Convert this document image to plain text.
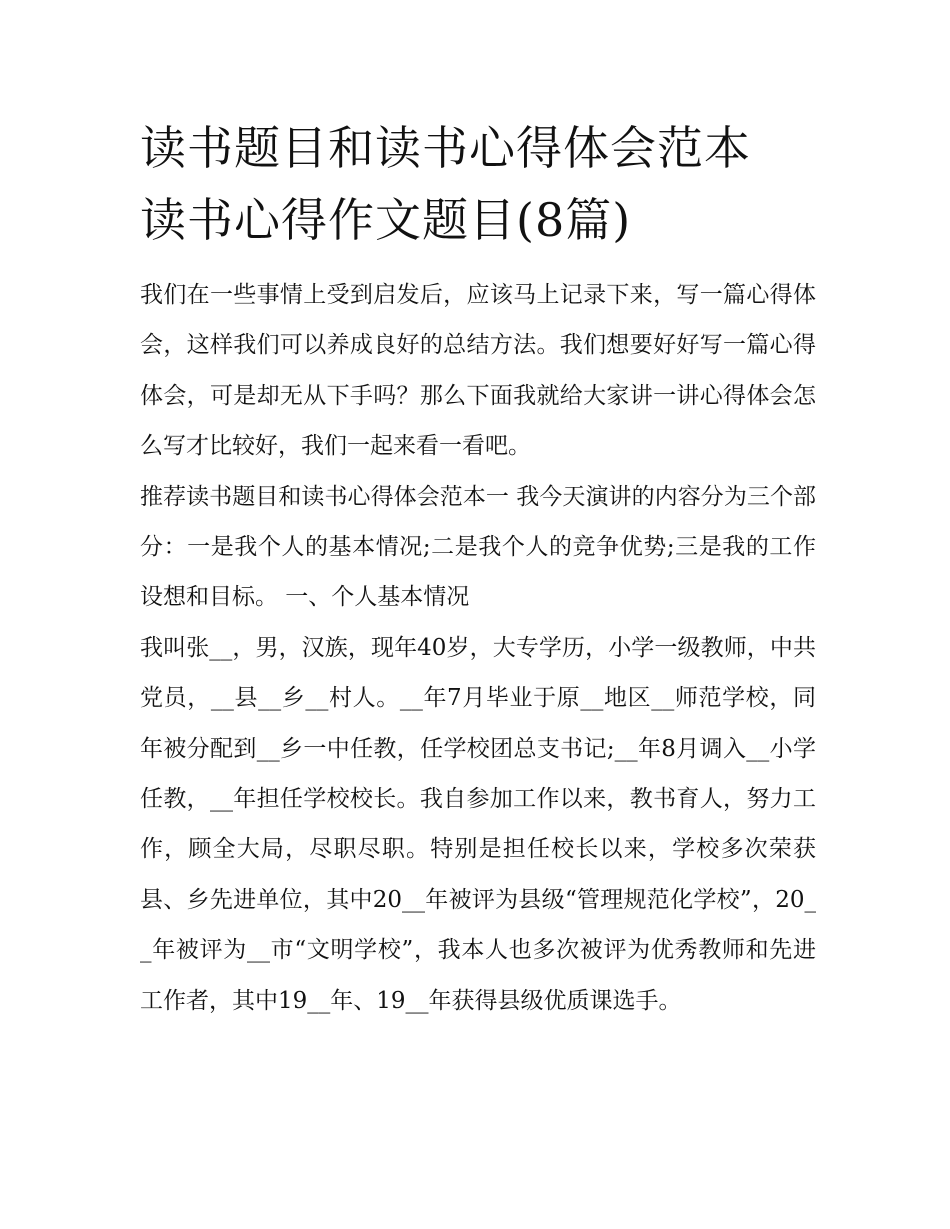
读书题目和读书心得体会范本
读书心得作文题目(8篇)

我们在一些事情上受到启发后，应该马上记录下来，写一篇心得体会，这样我们可以养成良好的总结方法。我们想要好好写一篇心得体会，可是却无从下手吗？那么下面我就给大家讲一讲心得体会怎么写才比较好，我们一起来看一看吧。

推荐读书题目和读书心得体会范本一 我今天演讲的内容分为三个部分：一是我个人的基本情况;二是我个人的竞争优势;三是我的工作设想和目标。 一、个人基本情况

我叫张__，男，汉族，现年40岁，大专学历，小学一级教师，中共党员，__县__乡__村人。__年7月毕业于原__地区__师范学校，同年被分配到__乡一中任教，任学校团总支书记;__年8月调入__小学任教，__年担任学校校长。我自参加工作以来，教书育人，努力工作，顾全大局，尽职尽职。特别是担任校长以来，学校多次荣获县、乡先进单位，其中20__年被评为县级“管理规范化学校”，20__年被评为__市“文明学校”，我本人也多次被评为优秀教师和先进工作者，其中19__年、19__年获得县级优质课选手。
